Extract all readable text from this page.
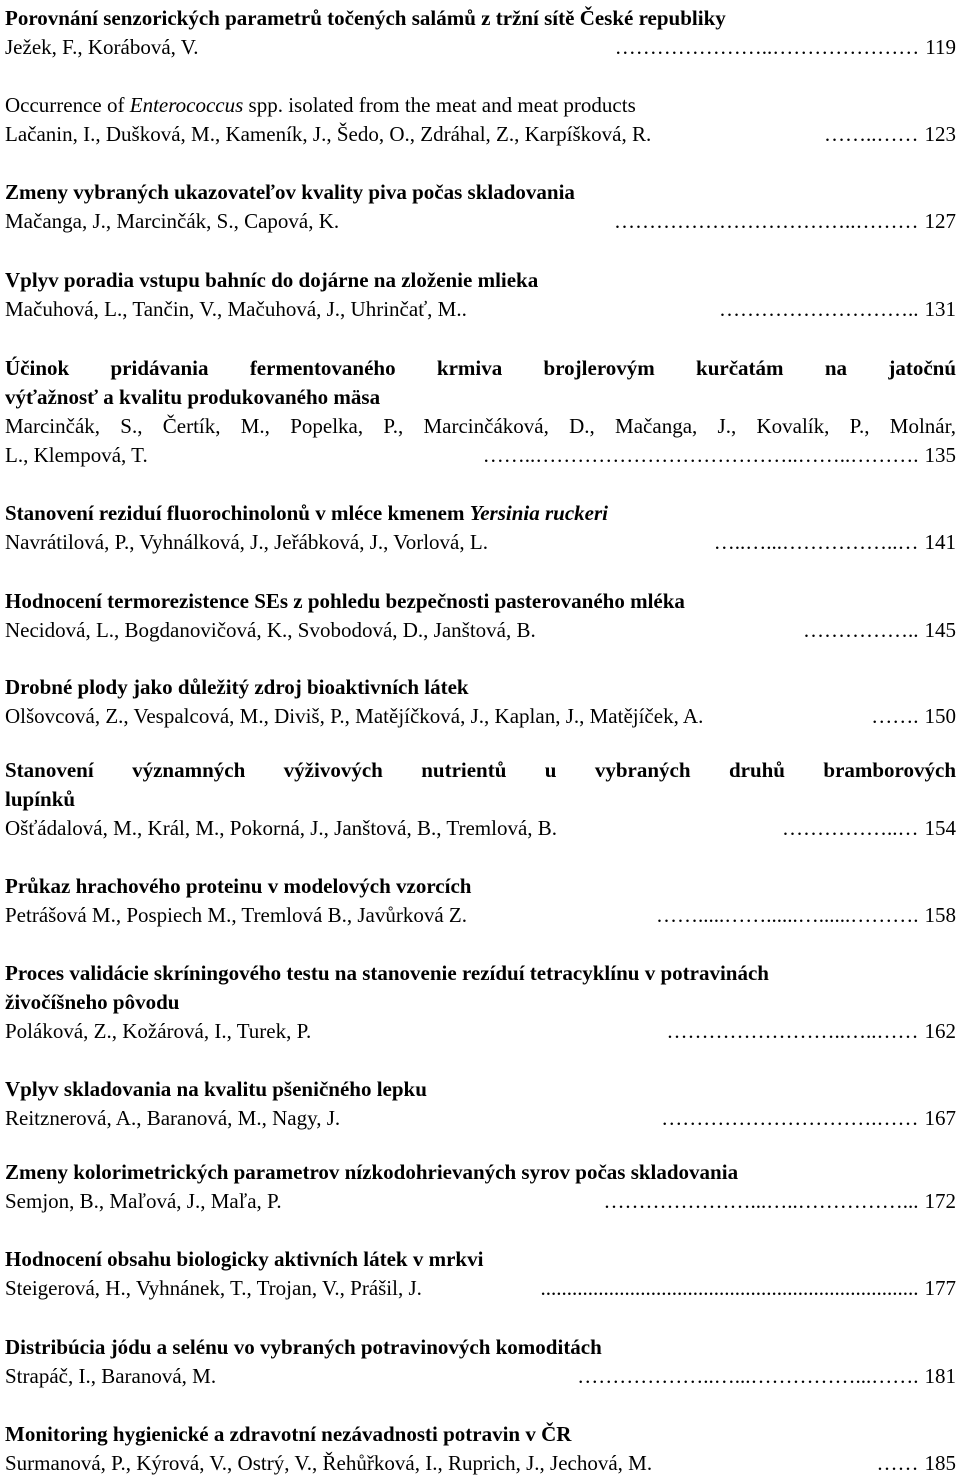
Porovnání senzorických parametrů točených salámů z tržní sítě České republiky

Ježek, F., Korábová, V.	…………………..………………… 119

Occurrence of Enterococcus spp. isolated from the meat and meat products

Lačanin, I., Dušková, M., Kameník, J., Šedo, O., Zdráhal, Z., Karpíšková, R.	……..…… 123

Zmeny vybraných ukazovateľov kvality piva počas skladovania

Mačanga, J., Marcinčák, S., Capová, K.	……………………………..……… 127

Vplyv poradia vstupu bahníc do dojárne na zloženie mlieka

Mačuhová, L., Tančin, V., Mačuhová, J., Uhrinčať, M..	……………………….. 131

Účinok pridávania fermentovaného krmiva brojlerovým kurčatám na jatočnú

výťažnosť a kvalitu produkovaného mäsa

Marcinčák, S., Čertík, M., Popelka, P., Marcinčáková, D., Mačanga, J., Kovalík, P., Molnár,

L., Klempová, T.	……..………………………………..……..………. 135

Stanovení reziduí fluorochinolonů v mléce kmenem Yersinia ruckeri

Navrátilová, P., Vyhnálková, J., Jeřábková, J., Vorlová, L.	…..…...……………..… 141

Hodnocení termorezistence SEs z pohledu bezpečnosti pasterovaného mléka

Necidová, L., Bogdanovičová, K., Svobodová, D., Janštová, B.	…………….. 145

Drobné plody jako důležitý zdroj bioaktivních látek

Olšovcová, Z., Vespalcová, M., Diviš, P., Matějíčková, J., Kaplan, J., Matějíček, A.	……. 150

Stanovení významných výživových nutrientů u vybraných druhů bramborových

lupínků

Ošťádalová, M., Král, M., Pokorná, J., Janštová, B., Tremlová, B.	……………..… 154

Průkaz hrachového proteinu v modelových vzorcích

Petrášová M., Pospiech M., Tremlová B., Javůrková Z.	…….....……......…......………. 158

Proces validácie skríningového testu na stanovenie rezíduí tetracyklínu v potravinách

živočíšneho pôvodu

Poláková, Z., Kožárová, I., Turek, P.	……………………..…..…… 162

Vplyv skladovania na kvalitu pšeničného lepku

Reitznerová, A., Baranová, M., Nagy, J.	………………………….…… 167

Zmeny kolorimetrických parametrov nízkodohrievaných syrov počas skladovania

Semjon, B., Maľová, J., Maľa, P.	…………………...…..……………... 172

Hodnocení obsahu biologicky aktivních látek v mrkvi

Steigerová, H., Vyhnánek, T., Trojan, V., Prášil, J.	........................................................................ 177

Distribúcia jódu a selénu vo vybraných potravinových komoditách

Strapáč, I., Baranová, M.	………………..…...……………...……. 181

Monitoring hygienické a zdravotní nezávadnosti potravin v ČR

Surmanová, P., Kýrová, V., Ostrý, V., Řehůřková, I., Ruprich, J., Jechová, M.	…… 185
